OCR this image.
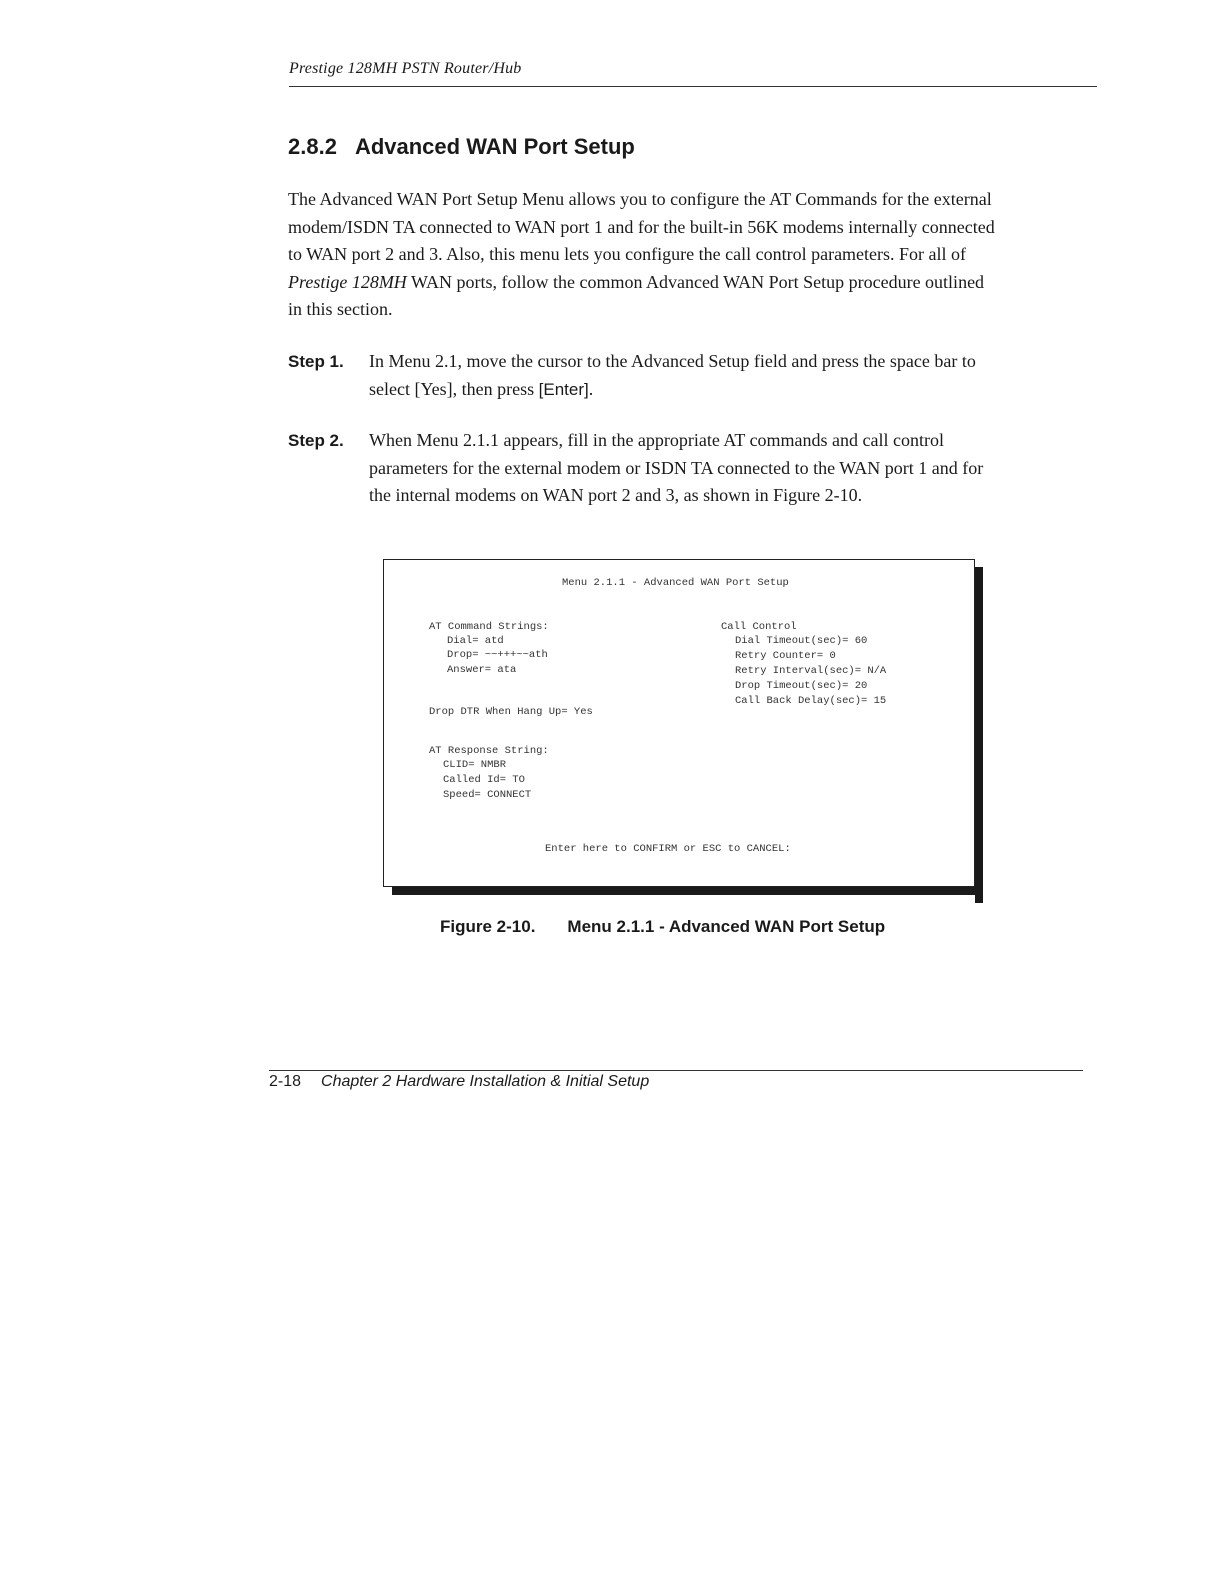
Prestige 128MH PSTN Router/Hub
2.8.2 Advanced WAN Port Setup

The Advanced WAN Port Setup Menu allows you to configure the AT Commands for the external

modem/ISDN TA connected to WAN port 1 and for the built-in 56K modems internally connected

to WAN port 2 and 3. Also, this menu lets you configure the call control parameters. For all of

Prestige 128MH WAN ports, follow the common Advanced WAN Port Setup procedure outlined

in this section.

Step 1. In Menu 2.1, move the cursor to the Advanced Setup field and press the space bar to
select [Yes], then press [Enter].
Step 2. When Menu 2.1.1 appears, fill in the appropriate AT commands and call control
parameters for the external modem or ISDN TA connected to the WAN port 1 and for
the internal modems on WAN port 2 and 3, as shown in Figure 2-10.
Menu 2.1.1 - Advanced WAN Port Setup
AT Command Strings:
Dial= atd
Drop= ~~+++~~ath
Answer= ata
Drop DTR When Hang Up= Yes
AT Response String:
CLID= NMBR
Called Id= TO
Speed= CONNECT
Call Control
Dial Timeout(sec)= 60
Retry Counter= 0
Retry Interval(sec)= N/A
Drop Timeout(sec)= 20
Call Back Delay(sec)= 15
Enter here to CONFIRM or ESC to CANCEL:
Figure 2-10. Menu 2.1.1 - Advanced WAN Port Setup
2-18 Chapter 2 Hardware Installation & Initial Setup
